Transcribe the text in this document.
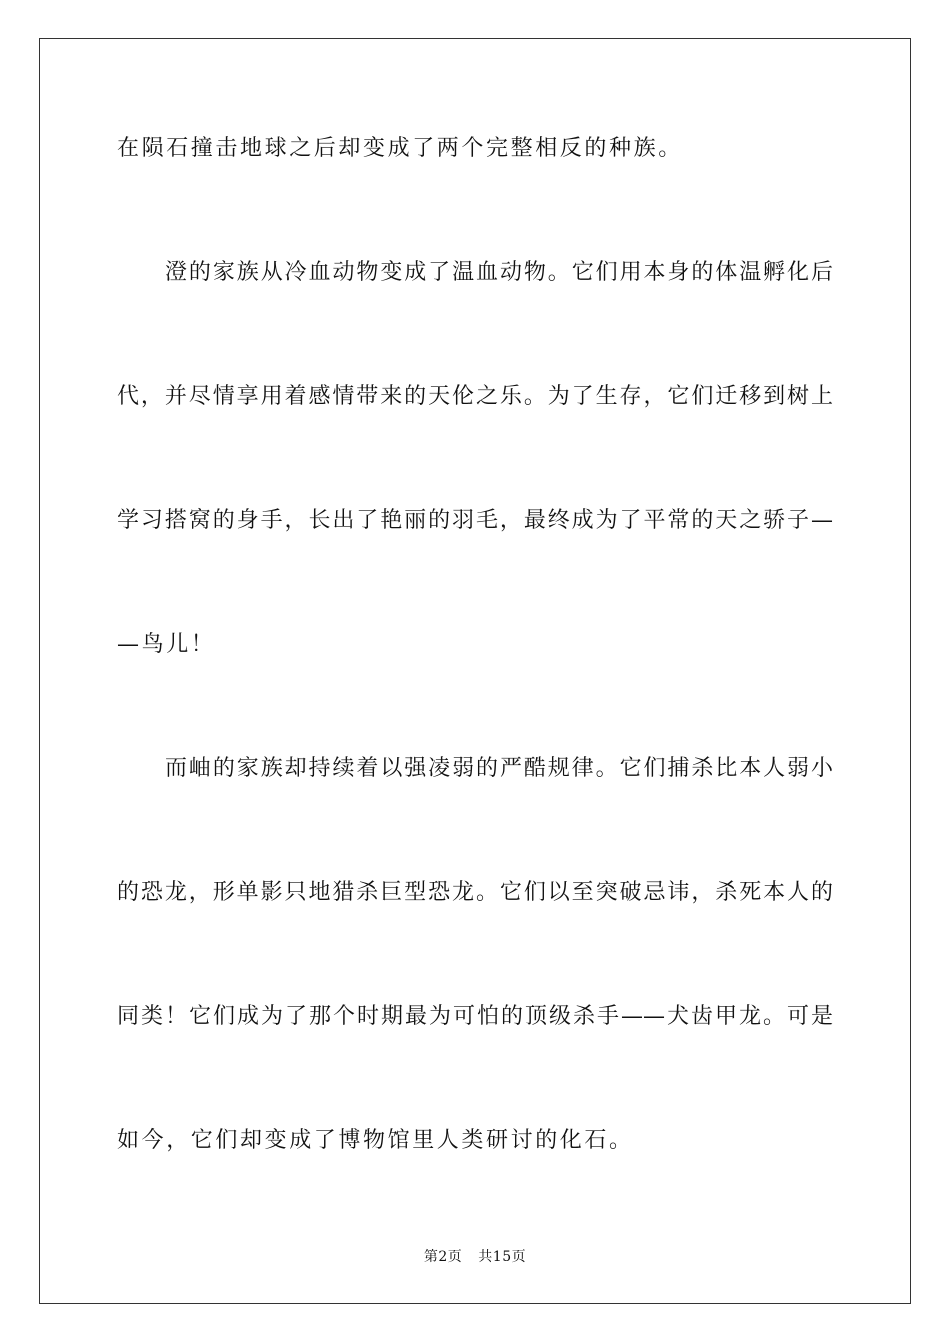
在陨石撞击地球之后却变成了两个完整相反的种族。
澄的家族从冷血动物变成了温血动物。它们用本身的体温孵化后
代，并尽情享用着感情带来的天伦之乐。为了生存，它们迁移到树上
学习搭窝的身手，长出了艳丽的羽毛，最终成为了平常的天之骄子—
—鸟儿！
而岫的家族却持续着以强凌弱的严酷规律。它们捕杀比本人弱小
的恐龙，形单影只地猎杀巨型恐龙。它们以至突破忌讳，杀死本人的
同类！它们成为了那个时期最为可怕的顶级杀手——犬齿甲龙。可是
如今，它们却变成了博物馆里人类研讨的化石。
第2页 共15页
